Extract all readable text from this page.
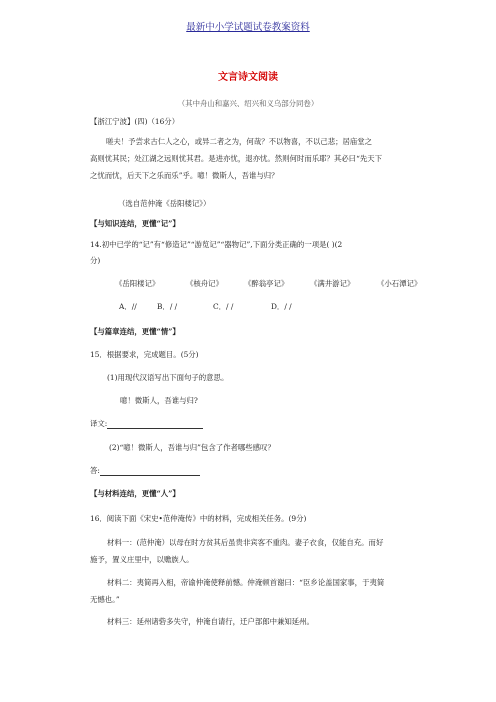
最新中小学试题试卷教案资料
文言诗文阅读
（其中舟山和嘉兴、绍兴和义乌部分同卷）
【浙江宁波】(四)（16分）
嗟夫！予尝求古仁人之心，或异二者之为，何哉？不以物喜，不以己悲；居庙堂之
高则忧其民；处江湖之远则忧其君。是进亦忧，退亦忧。然则何时而乐耶？其必曰“先天下
之忧而忧，后天下之乐而乐”乎。噫！微斯人，吾谁与归？
（选自范仲淹《岳阳楼记》）
【与知识连结，更懂“记”】
14.初中已学的“记”有“修造记”“游览记”“器物记”,下面分类正确的一项是( )(2
分)
《岳阳楼记》	《核舟记》	《醉翁亭记》	《满井游记》	《小石潭记》
A．//	B．/ /	C．/ /	D．/ /
【与篇章连结，更懂“情”】
15．根据要求，完成题目。(5分)
(1)用现代汉语写出下面句子的意思。
噫！微斯人，吾谁与归?
译文:
(2)“噫！微斯人，吾谁与归”包含了作者哪些感叹？
答:
【与材料连结，更懂“人”】
16．阅读下面《宋史•范仲淹传》中的材料，完成相关任务。(9分)
材料一：(范仲淹）以母在时方贫其后虽贵非宾客不重肉。妻子衣食，仅能自充。而好
施予，置义庄里中，以赡族人。
材料二：夷简再入相，帝谕仲淹使释前憾。仲淹顿首谢曰：“臣乡论盖国家事，于夷简
无憾也。”
材料三：延州诸砦多失守，仲淹自请行，迁户部郎中兼知延州。
